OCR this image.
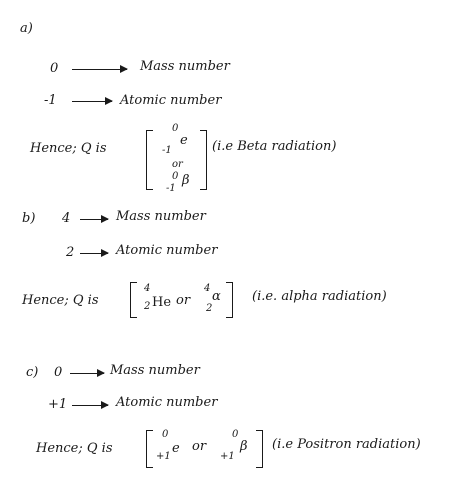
a)
0	Mass number
-1	Atomic number
Hence; Q is
0
e
-1
or
0 β
-1
(i.e Beta radiation)
b) 4	Mass number
2	Atomic number
Hence; Q is
4
2 He or
4
α
2
(i.e. alpha radiation)
c) 0	Mass number
+1	Atomic number
Hence; Q is
0
+1
e or
0
+1
β (i.e Positron radiation)
